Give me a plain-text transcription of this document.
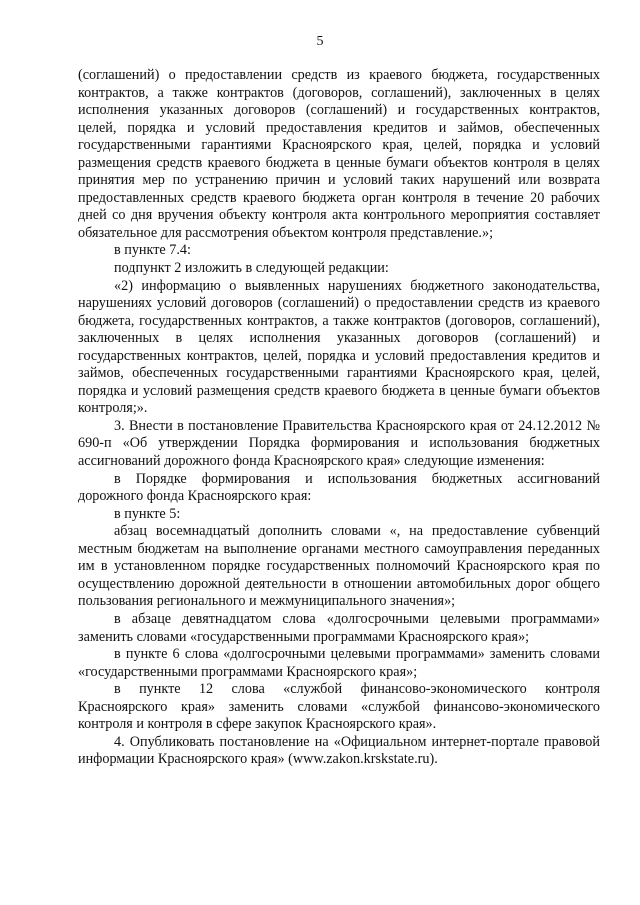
5

(соглашений) о предоставлении средств из краевого бюджета, государственных контрактов, а также контрактов (договоров, соглашений), заключенных в целях исполнения указанных договоров (соглашений) и государственных контрактов, целей, порядка и условий предоставления кредитов и займов, обеспеченных государственными гарантиями Красноярского края, целей, порядка и условий размещения средств краевого бюджета в ценные бумаги объектов контроля в целях принятия мер по устранению причин и условий таких нарушений или возврата предоставленных средств краевого бюджета орган контроля в течение 20 рабочих дней со дня вручения объекту контроля акта контрольного мероприятия составляет обязательное для рассмотрения объектом контроля представление.»;

в пункте 7.4:

подпункт 2 изложить в следующей редакции:

«2) информацию о выявленных нарушениях бюджетного законодательства, нарушениях условий договоров (соглашений) о предоставлении средств из краевого бюджета, государственных контрактов, а также контрактов (договоров, соглашений), заключенных в целях исполнения указанных договоров (соглашений) и государственных контрактов, целей, порядка и условий предоставления кредитов и займов, обеспеченных государственными гарантиями Красноярского края, целей, порядка и условий размещения средств краевого бюджета в ценные бумаги объектов контроля;».

3. Внести в постановление Правительства Красноярского края от 24.12.2012 № 690-п «Об утверждении Порядка формирования и использования бюджетных ассигнований дорожного фонда Красноярского края» следующие изменения:

в Порядке формирования и использования бюджетных ассигнований дорожного фонда Красноярского края:

в пункте 5:

абзац восемнадцатый дополнить словами «, на предоставление субвенций местным бюджетам на выполнение органами местного самоуправления переданных им в установленном порядке государственных полномочий Красноярского края по осуществлению дорожной деятельности в отношении автомобильных дорог общего пользования регионального и межмуниципального значения»;

в абзаце девятнадцатом слова «долгосрочными целевыми программами» заменить словами «государственными программами Красноярского края»;

в пункте 6 слова «долгосрочными целевыми программами» заменить словами «государственными программами Красноярского края»;

в пункте 12 слова «службой финансово-экономического контроля Красноярского края» заменить словами «службой финансово-экономического контроля и контроля в сфере закупок Красноярского края».

4. Опубликовать постановление на «Официальном интернет-портале правовой информации Красноярского края» (www.zakon.krskstate.ru).
